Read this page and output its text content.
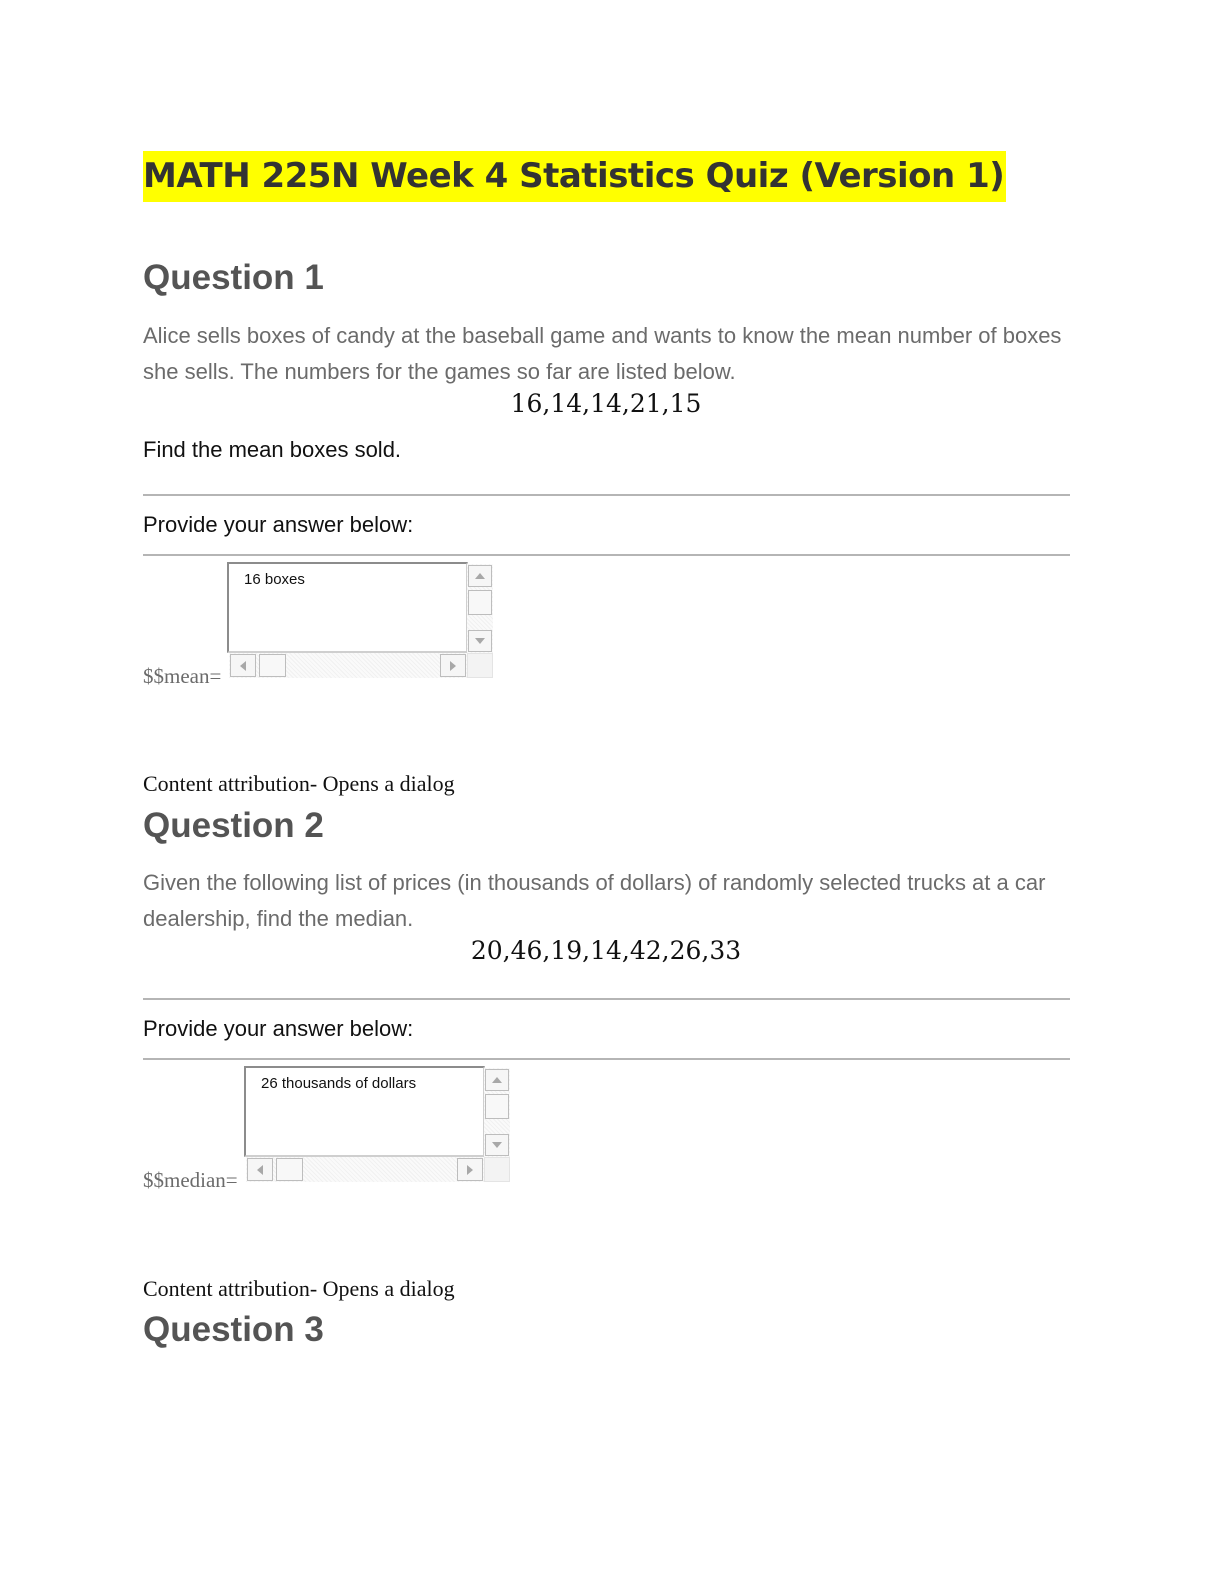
MATH 225N Week 4 Statistics Quiz (Version 1)
Question 1
Alice sells boxes of candy at the baseball game and wants to know the mean number of boxes she sells. The numbers for the games so far are listed below.
16,14,14,21,15
Find the mean boxes sold.
Provide your answer below:
$$mean=
16 boxes
Content attribution- Opens a dialog
Question 2
Given the following list of prices (in thousands of dollars) of randomly selected trucks at a car dealership, find the median.
20,46,19,14,42,26,33
Provide your answer below:
$$median=
26 thousands of dollars
Content attribution- Opens a dialog
Question 3
